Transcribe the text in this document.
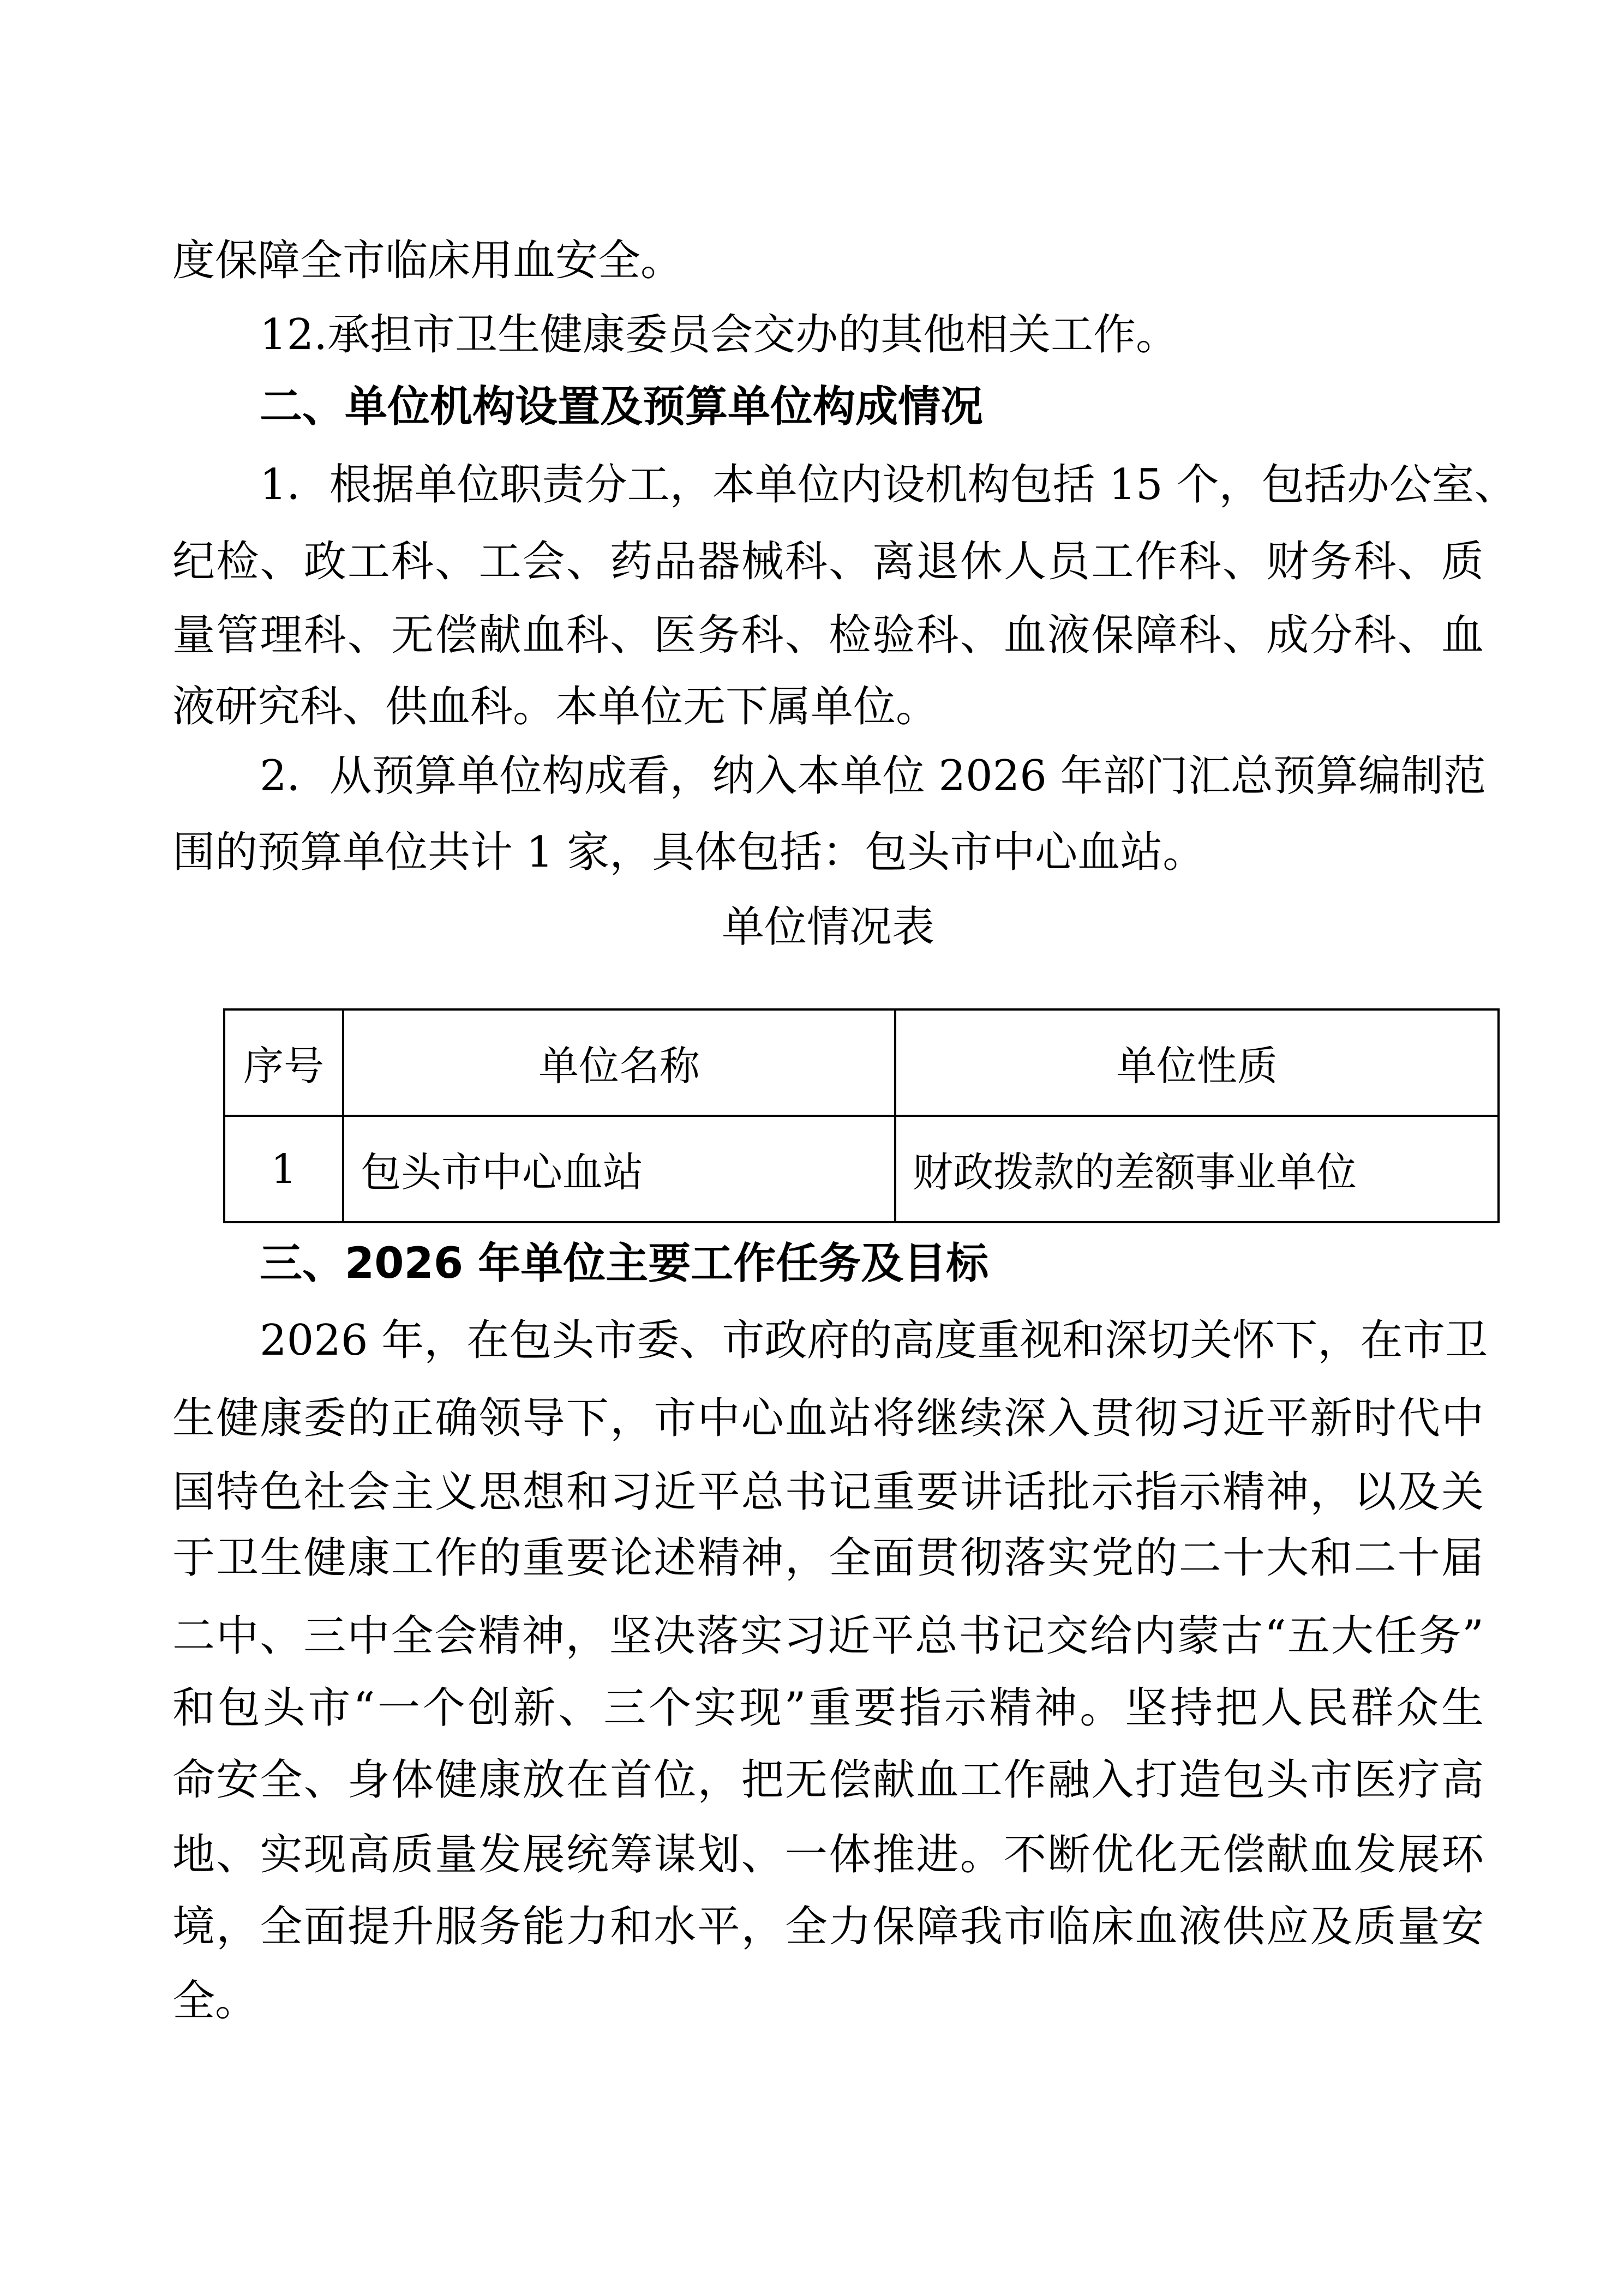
度保障全市临床用血安全。
12.承担市卫生健康委员会交办的其他相关工作。
二、单位机构设置及预算单位构成情况
1．根据单位职责分工，本单位内设机构包括 15 个，包括办公室、
纪检、政工科、工会、药品器械科、离退休人员工作科、财务科、质
量管理科、无偿献血科、医务科、检验科、血液保障科、成分科、血
液研究科、供血科。本单位无下属单位。
2．从预算单位构成看，纳入本单位 2026 年部门汇总预算编制范
围的预算单位共计 1 家，具体包括：包头市中心血站。
单位情况表
序号	单位名称	单位性质
1	包头市中心血站	财政拨款的差额事业单位
三、2026 年单位主要工作任务及目标
2026 年，在包头市委、市政府的高度重视和深切关怀下，在市卫
生健康委的正确领导下，市中心血站将继续深入贯彻习近平新时代中
国特色社会主义思想和习近平总书记重要讲话批示指示精神，以及关
于卫生健康工作的重要论述精神，全面贯彻落实党的二十大和二十届
二中、三中全会精神，坚决落实习近平总书记交给内蒙古“五大任务”
和包头市“一个创新、三个实现”重要指示精神。坚持把人民群众生
命安全、身体健康放在首位，把无偿献血工作融入打造包头市医疗高
地、实现高质量发展统筹谋划、一体推进。不断优化无偿献血发展环
境，全面提升服务能力和水平，全力保障我市临床血液供应及质量安
全。
